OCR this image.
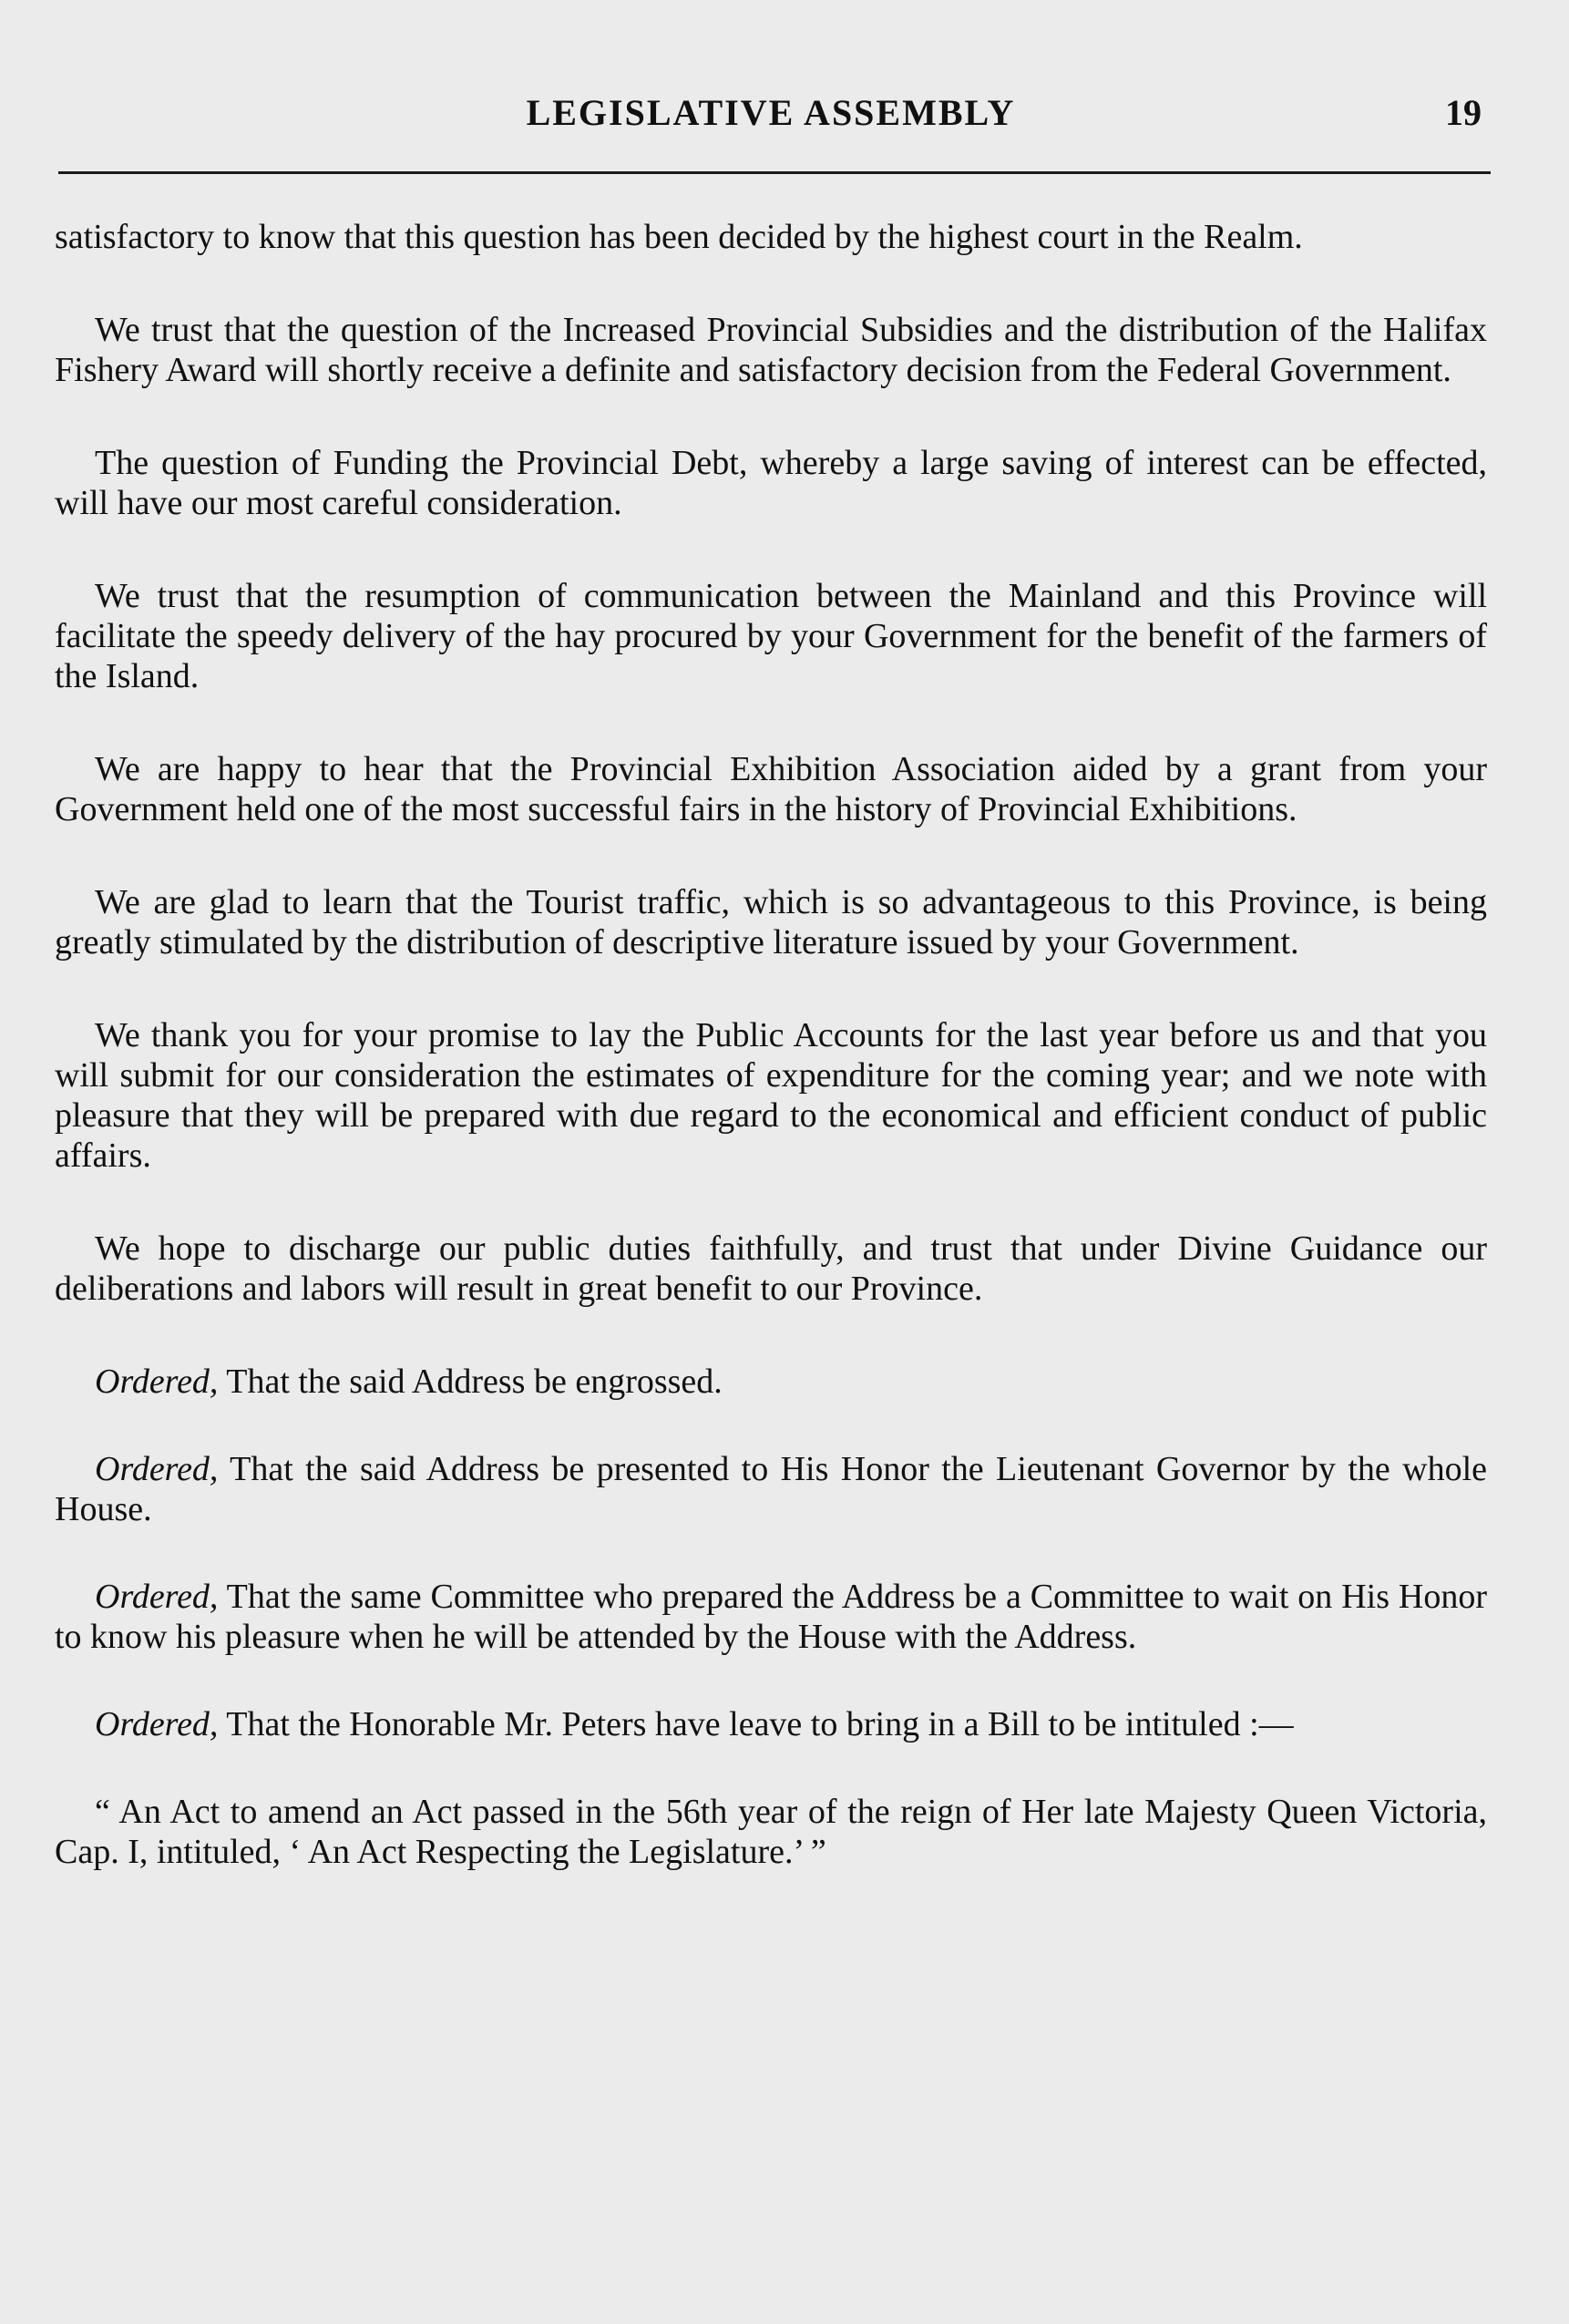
LEGISLATIVE ASSEMBLY	19

satisfactory to know that this question has been decided by the highest court in the Realm.

We trust that the question of the Increased Provincial Subsidies and the distribution of the Halifax Fishery Award will shortly receive a definite and satisfactory decision from the Federal Government.

The question of Funding the Provincial Debt, whereby a large saving of interest can be effected, will have our most careful consideration.

We trust that the resumption of communication between the Mainland and this Province will facilitate the speedy delivery of the hay procured by your Government for the benefit of the farmers of the Island.

We are happy to hear that the Provincial Exhibition Association aided by a grant from your Government held one of the most successful fairs in the history of Provincial Exhibitions.

We are glad to learn that the Tourist traffic, which is so advantageous to this Province, is being greatly stimulated by the distribution of descriptive literature issued by your Government.

We thank you for your promise to lay the Public Accounts for the last year before us and that you will submit for our consideration the estimates of expenditure for the coming year; and we note with pleasure that they will be prepared with due regard to the economical and efficient conduct of public affairs.

We hope to discharge our public duties faithfully, and trust that under Divine Guidance our deliberations and labors will result in great benefit to our Province.

Ordered, That the said Address be engrossed.

Ordered, That the said Address be presented to His Honor the Lieutenant Governor by the whole House.

Ordered, That the same Committee who prepared the Address be a Committee to wait on His Honor to know his pleasure when he will be attended by the House with the Address.

Ordered, That the Honorable Mr. Peters have leave to bring in a Bill to be intituled :—

“ An Act to amend an Act passed in the 56th year of the reign of Her late Majesty Queen Victoria, Cap. I, intituled, ‘ An Act Respecting the Legislature.’ ”
